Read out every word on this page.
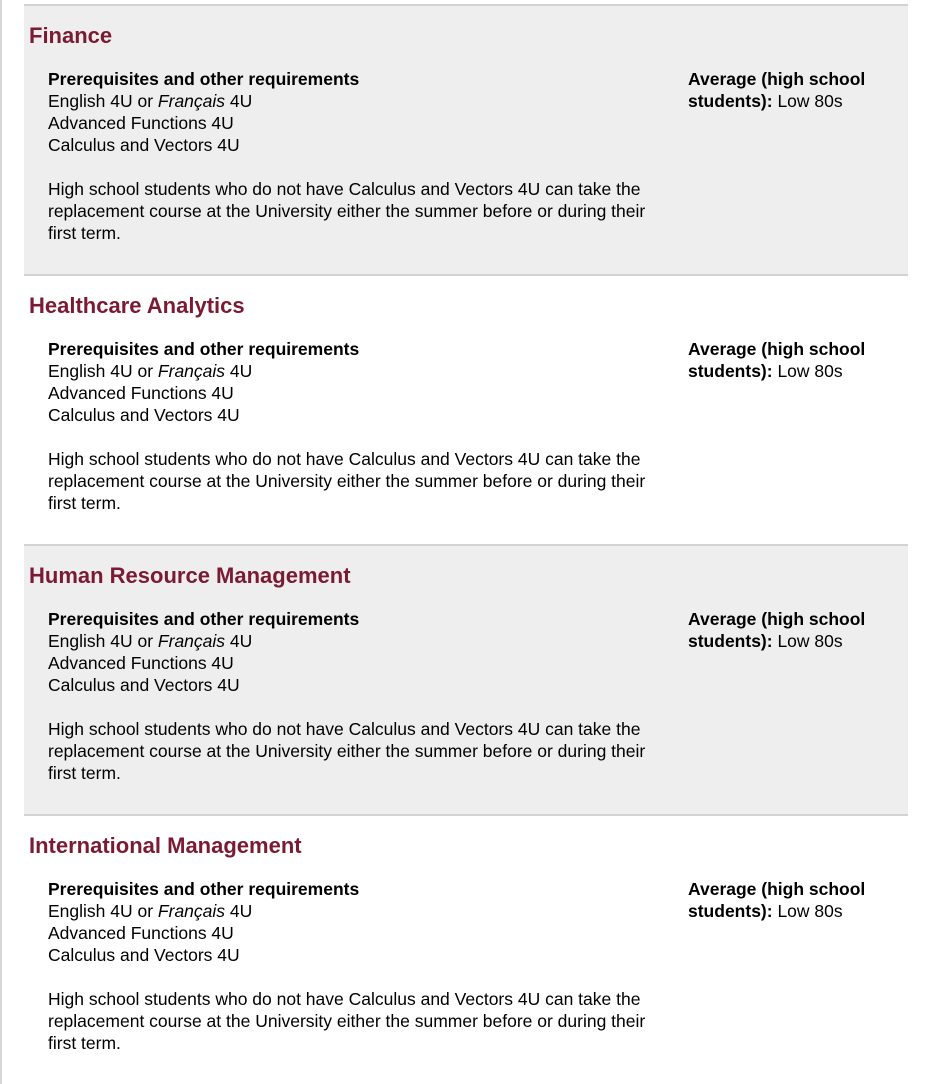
Finance
Prerequisites and other requirements
English 4U or Français 4U
Advanced Functions 4U
Calculus and Vectors 4U
High school students who do not have Calculus and Vectors 4U can take the replacement course at the University either the summer before or during their first term.
Average (high school students): Low 80s
Healthcare Analytics
Prerequisites and other requirements
English 4U or Français 4U
Advanced Functions 4U
Calculus and Vectors 4U
High school students who do not have Calculus and Vectors 4U can take the replacement course at the University either the summer before or during their first term.
Average (high school students): Low 80s
Human Resource Management
Prerequisites and other requirements
English 4U or Français 4U
Advanced Functions 4U
Calculus and Vectors 4U
High school students who do not have Calculus and Vectors 4U can take the replacement course at the University either the summer before or during their first term.
Average (high school students): Low 80s
International Management
Prerequisites and other requirements
English 4U or Français 4U
Advanced Functions 4U
Calculus and Vectors 4U
High school students who do not have Calculus and Vectors 4U can take the replacement course at the University either the summer before or during their first term.
Average (high school students): Low 80s
